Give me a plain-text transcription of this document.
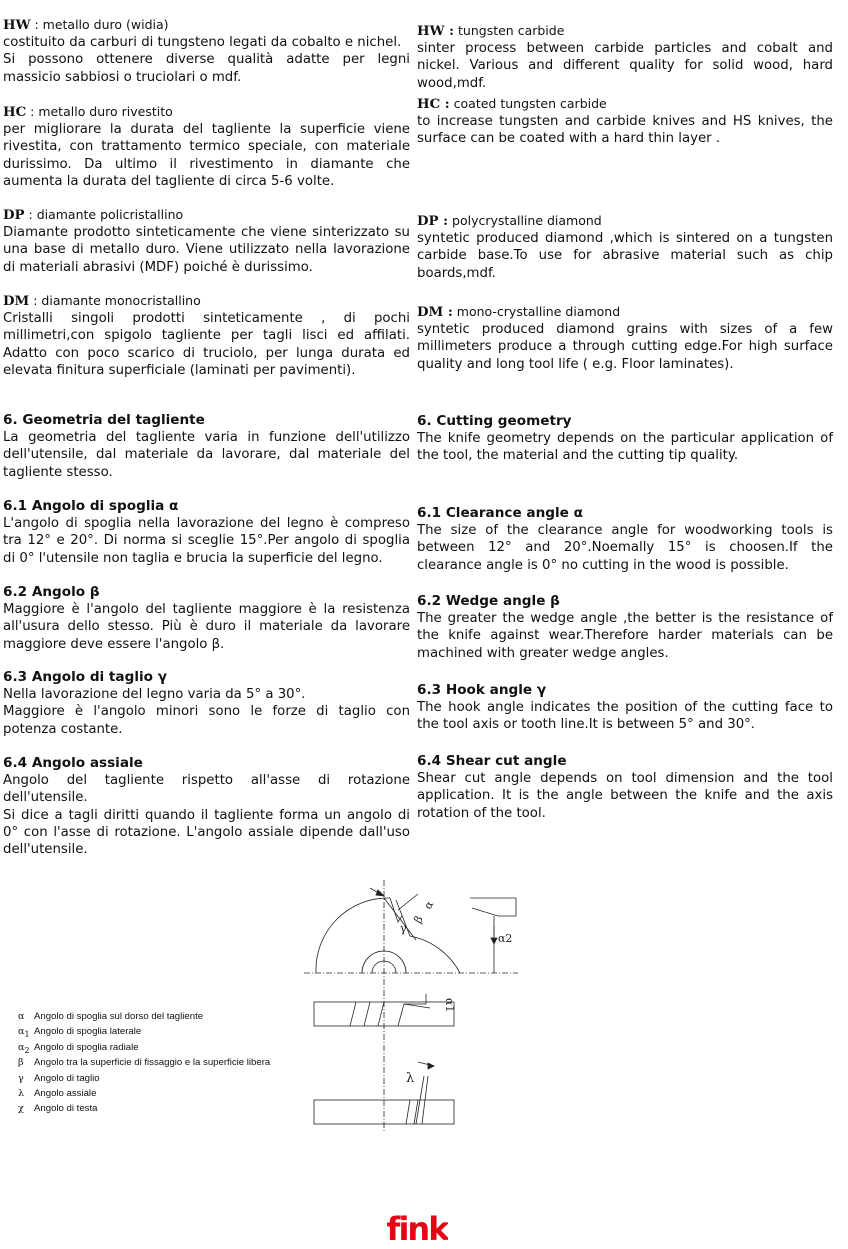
HW : metallo duro (widia)

costituito da carburi di tungsteno legati da cobalto e nichel.
Si possono ottenere diverse qualità adatte per legni massicio sabbiosi o truciolari o mdf.

HC : metallo duro rivestito

per migliorare la durata del tagliente la superficie viene rivestita, con trattamento termico speciale, con materiale durissimo. Da ultimo il rivestimento in diamante che aumenta la durata del tagliente di circa 5-6 volte.

DP : diamante policristallino

Diamante prodotto sinteticamente che viene sinterizzato su una base di metallo duro. Viene utilizzato nella lavorazione di materiali abrasivi (MDF) poiché è durissimo.

DM : diamante monocristallino

Cristalli singoli prodotti sinteticamente , di pochi millimetri,con spigolo tagliente per tagli lisci ed affilati. Adatto con poco scarico di truciolo, per lunga durata ed elevata finitura superficiale (laminati per pavimenti).

6. Geometria del tagliente

La geometria del tagliente varia in funzione dell'utilizzo dell'utensile, dal materiale da lavorare, dal materiale del tagliente stesso.

6.1 Angolo di spoglia α

L'angolo di spoglia nella lavorazione del legno è compreso tra 12° e 20°. Di norma si sceglie 15°.Per angolo di spoglia di 0° l'utensile non taglia e brucia la superficie del legno.

6.2 Angolo β

Maggiore è l'angolo del tagliente maggiore è la resistenza all'usura dello stesso. Più è duro il materiale da lavorare maggiore deve essere l'angolo β.

6.3 Angolo di taglio γ

Nella lavorazione del legno varia da 5° a 30°.
Maggiore è l'angolo minori sono le forze di taglio con potenza costante.

6.4 Angolo assiale

Angolo del tagliente rispetto all'asse di rotazione dell'utensile.
Si dice a tagli diritti quando il tagliente forma un angolo di 0° con l'asse di rotazione. L'angolo assiale dipende dall'uso dell'utensile.

HW : tungsten carbide

sinter process between carbide particles and cobalt and nickel. Various and different quality for solid wood, hard wood,mdf.

HC : coated tungsten carbide

to increase tungsten and carbide knives and HS knives, the surface can be coated with a hard thin layer .

DP : polycrystalline diamond

syntetic produced diamond ,which is sintered on a tungsten carbide base.To use for abrasive material such as chip boards,mdf.

DM : mono-crystalline diamond

syntetic produced diamond grains with sizes of a few millimeters produce a through cutting edge.For high surface quality and long tool life ( e.g. Floor laminates).

6. Cutting geometry

The knife geometry depends on the particular application of the tool, the material and the cutting tip quality.

6.1 Clearance angle α

The size of the clearance angle for woodworking tools is between 12° and 20°.Noemally 15° is choosen.If the clearance angle is 0° no cutting in the wood is possible.

6.2 Wedge angle β

The greater the wedge angle ,the better is the resistance of the knife against wear.Therefore harder materials can be machined with greater wedge angles.

6.3 Hook angle γ

The hook angle indicates the position of the cutting face to the tool axis or tooth line.It is between 5° and 30°.

6.4 Shear cut angle

Shear cut angle depends on tool dimension and the tool application. It is the angle between the knife and the axis rotation of the tool.

α Angolo di spoglia sul dorso del tagliente
$\alpha_1$ Angolo di spoglia laterale
$\alpha_2$ Angolo di spoglia radiale
β	Angolo tra la superficie di fissaggio e la superficie libera
γ	Angolo di taglio
λ	Angolo assiale
χ	Angolo di testa
γ
β
α
α2
α1
λ
fink
